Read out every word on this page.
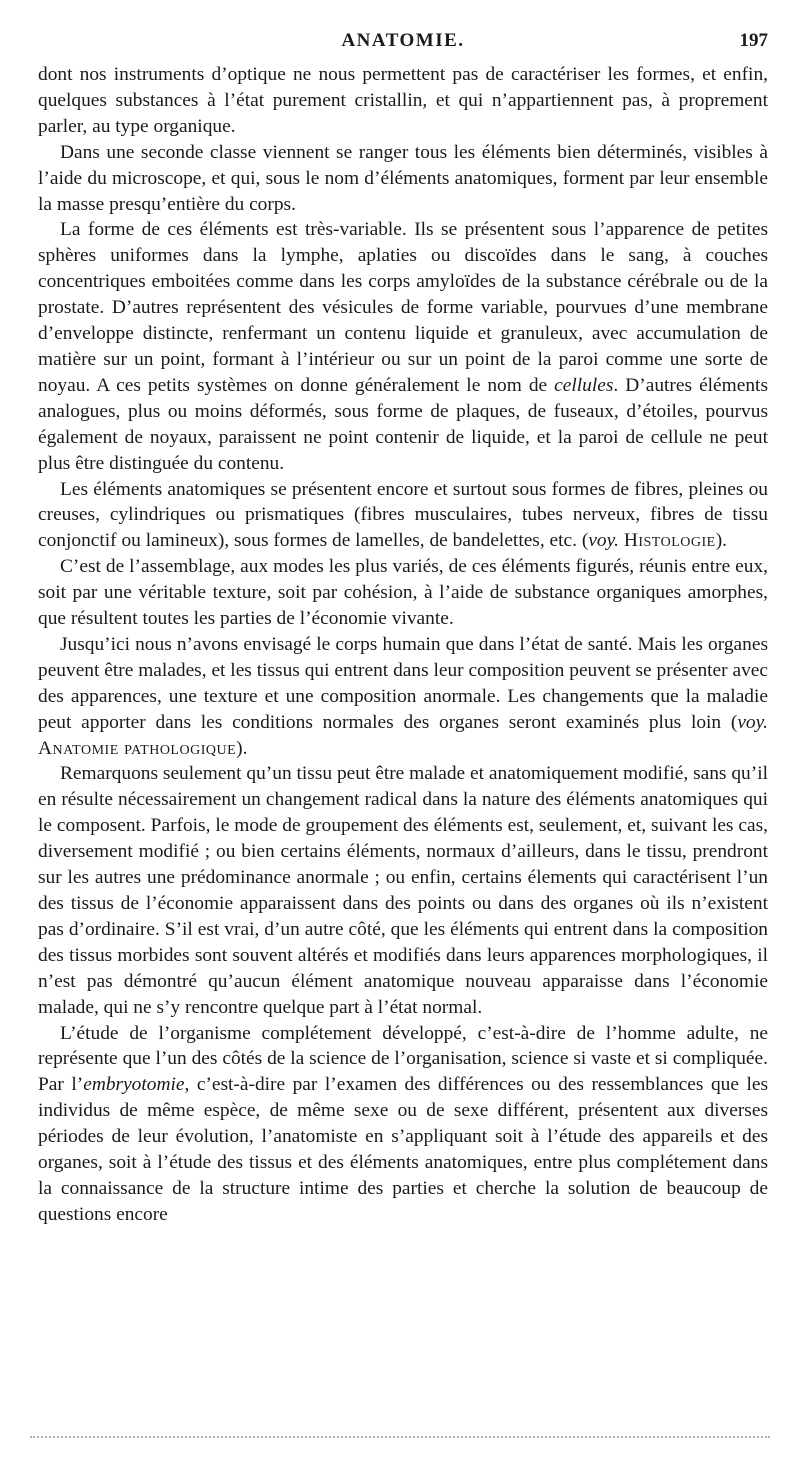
ANATOMIE.	197

dont nos instruments d’optique ne nous permettent pas de caractériser les formes, et enfin, quelques substances à l’état purement cristallin, et qui n’appartiennent pas, à proprement parler, au type organique.

Dans une seconde classe viennent se ranger tous les éléments bien déterminés, visibles à l’aide du microscope, et qui, sous le nom d’éléments anatomiques, forment par leur ensemble la masse presqu’entière du corps.

La forme de ces éléments est très-variable. Ils se présentent sous l’apparence de petites sphères uniformes dans la lymphe, aplaties ou discoïdes dans le sang, à couches concentriques emboitées comme dans les corps amyloïdes de la substance cérébrale ou de la prostate. D’autres représentent des vésicules de forme variable, pourvues d’une membrane d’enveloppe distincte, renfermant un contenu liquide et granuleux, avec accumulation de matière sur un point, formant à l’intérieur ou sur un point de la paroi comme une sorte de noyau. A ces petits systèmes on donne généralement le nom de cellules. D’autres éléments analogues, plus ou moins déformés, sous forme de plaques, de fuseaux, d’étoiles, pourvus également de noyaux, paraissent ne point contenir de liquide, et la paroi de cellule ne peut plus être distinguée du contenu.

Les éléments anatomiques se présentent encore et surtout sous formes de fibres, pleines ou creuses, cylindriques ou prismatiques (fibres musculaires, tubes nerveux, fibres de tissu conjonctif ou lamineux), sous formes de lamelles, de bandelettes, etc. (voy. Histologie).

C’est de l’assemblage, aux modes les plus variés, de ces éléments figurés, réunis entre eux, soit par une véritable texture, soit par cohésion, à l’aide de substance organiques amorphes, que résultent toutes les parties de l’économie vivante.

Jusqu’ici nous n’avons envisagé le corps humain que dans l’état de santé. Mais les organes peuvent être malades, et les tissus qui entrent dans leur composition peuvent se présenter avec des apparences, une texture et une composition anormale. Les changements que la maladie peut apporter dans les conditions normales des organes seront examinés plus loin (voy. Anatomie pathologique).

Remarquons seulement qu’un tissu peut être malade et anatomiquement modifié, sans qu’il en résulte nécessairement un changement radical dans la nature des éléments anatomiques qui le composent. Parfois, le mode de groupement des éléments est, seulement, et, suivant les cas, diversement modifié ; ou bien certains éléments, normaux d’ailleurs, dans le tissu, prendront sur les autres une prédominance anormale ; ou enfin, certains élements qui caractérisent l’un des tissus de l’économie apparaissent dans des points ou dans des organes où ils n’existent pas d’ordinaire. S’il est vrai, d’un autre côté, que les éléments qui entrent dans la composition des tissus morbides sont souvent altérés et modifiés dans leurs apparences morphologiques, il n’est pas démontré qu’aucun élément anatomique nouveau apparaisse dans l’économie malade, qui ne s’y rencontre quelque part à l’état normal.

L’étude de l’organisme complétement développé, c’est-à-dire de l’homme adulte, ne représente que l’un des côtés de la science de l’organisation, science si vaste et si compliquée. Par l’embryotomie, c’est-à-dire par l’examen des différences ou des ressemblances que les individus de même espèce, de même sexe ou de sexe différent, présentent aux diverses périodes de leur évolution, l’anatomiste en s’appliquant soit à l’étude des appareils et des organes, soit à l’étude des tissus et des éléments anatomiques, entre plus complétement dans la connaissance de la structure intime des parties et cherche la solution de beaucoup de questions encore
